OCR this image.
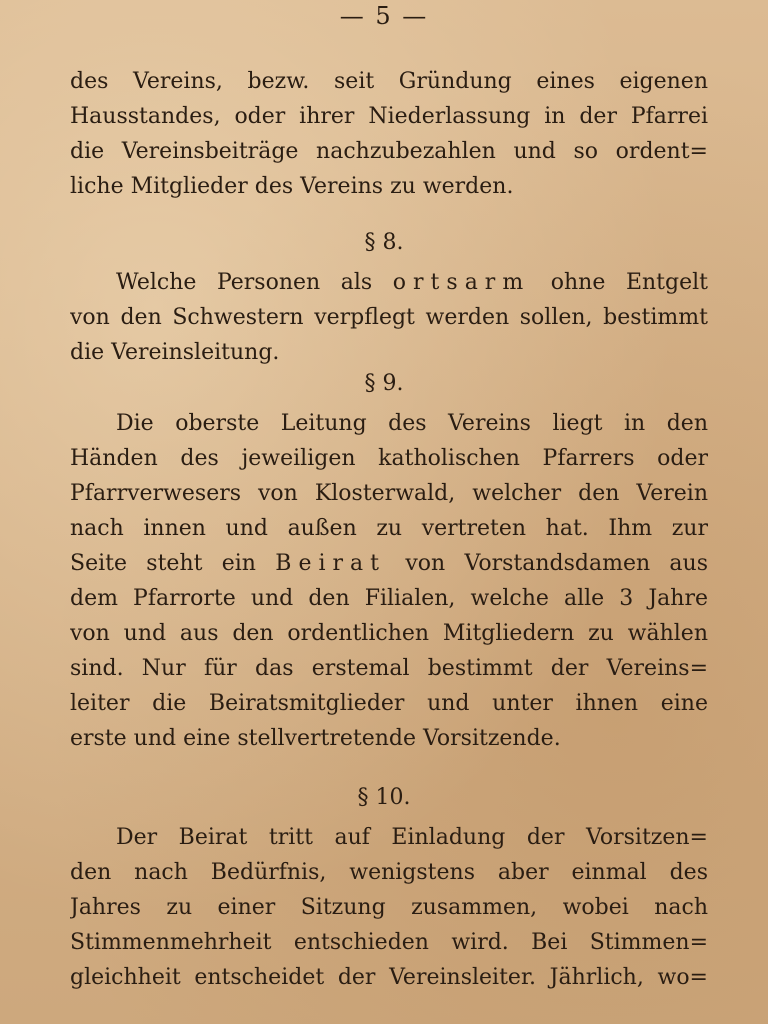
— 5 —
des Vereins, bezw. seit Gründung eines eigenen
Hausstandes, oder ihrer Niederlassung in der Pfarrei
die Vereinsbeiträge nachzubezahlen und so ordent=
liche Mitglieder des Vereins zu werden.
§ 8.
Welche Personen als ortsarm ohne Entgelt
von den Schwestern verpflegt werden sollen, bestimmt
die Vereinsleitung.
§ 9.
Die oberste Leitung des Vereins liegt in den
Händen des jeweiligen katholischen Pfarrers oder
Pfarrverwesers von Klosterwald, welcher den Verein
nach innen und außen zu vertreten hat. Ihm zur
Seite steht ein Beirat von Vorstandsdamen aus
dem Pfarrorte und den Filialen, welche alle 3 Jahre
von und aus den ordentlichen Mitgliedern zu wählen
sind. Nur für das erstemal bestimmt der Vereins=
leiter die Beiratsmitglieder und unter ihnen eine
erste und eine stellvertretende Vorsitzende.
§ 10.
Der Beirat tritt auf Einladung der Vorsitzen=
den nach Bedürfnis, wenigstens aber einmal des
Jahres zu einer Sitzung zusammen, wobei nach
Stimmenmehrheit entschieden wird. Bei Stimmen=
gleichheit entscheidet der Vereinsleiter. Jährlich, wo=
